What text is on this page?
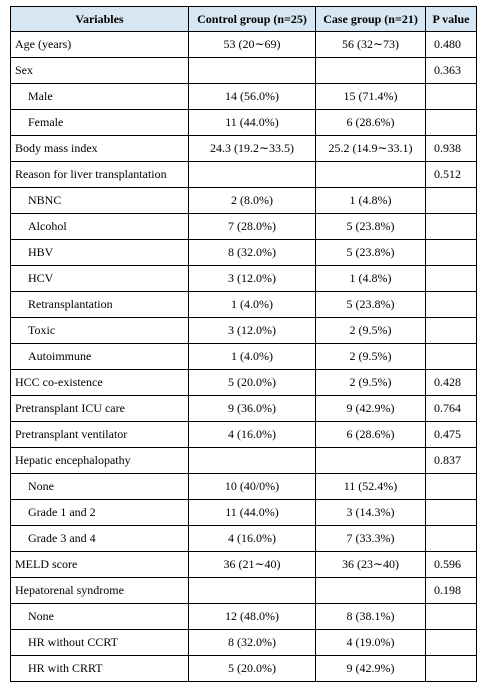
Variables	Control group (n=25)	Case group (n=21)	P value
Age (years)	53 (20∼69)	56 (32∼73)	0.480
Sex			0.363
Male	14 (56.0%)	15 (71.4%)	
Female	11 (44.0%)	6 (28.6%)	
Body mass index	24.3 (19.2∼33.5)	25.2 (14.9∼33.1)	0.938
Reason for liver transplantation			0.512
NBNC	2 (8.0%)	1 (4.8%)	
Alcohol	7 (28.0%)	5 (23.8%)	
HBV	8 (32.0%)	5 (23.8%)	
HCV	3 (12.0%)	1 (4.8%)	
Retransplantation	1 (4.0%)	5 (23.8%)	
Toxic	3 (12.0%)	2 (9.5%)	
Autoimmune	1 (4.0%)	2 (9.5%)	
HCC co-existence	5 (20.0%)	2 (9.5%)	0.428
Pretransplant ICU care	9 (36.0%)	9 (42.9%)	0.764
Pretransplant ventilator	4 (16.0%)	6 (28.6%)	0.475
Hepatic encephalopathy			0.837
None	10 (40/0%)	11 (52.4%)	
Grade 1 and 2	11 (44.0%)	3 (14.3%)	
Grade 3 and 4	4 (16.0%)	7 (33.3%)	
MELD score	36 (21∼40)	36 (23∼40)	0.596
Hepatorenal syndrome			0.198
None	12 (48.0%)	8 (38.1%)	
HR without CCRT	8 (32.0%)	4 (19.0%)	
HR with CRRT	5 (20.0%)	9 (42.9%)	
